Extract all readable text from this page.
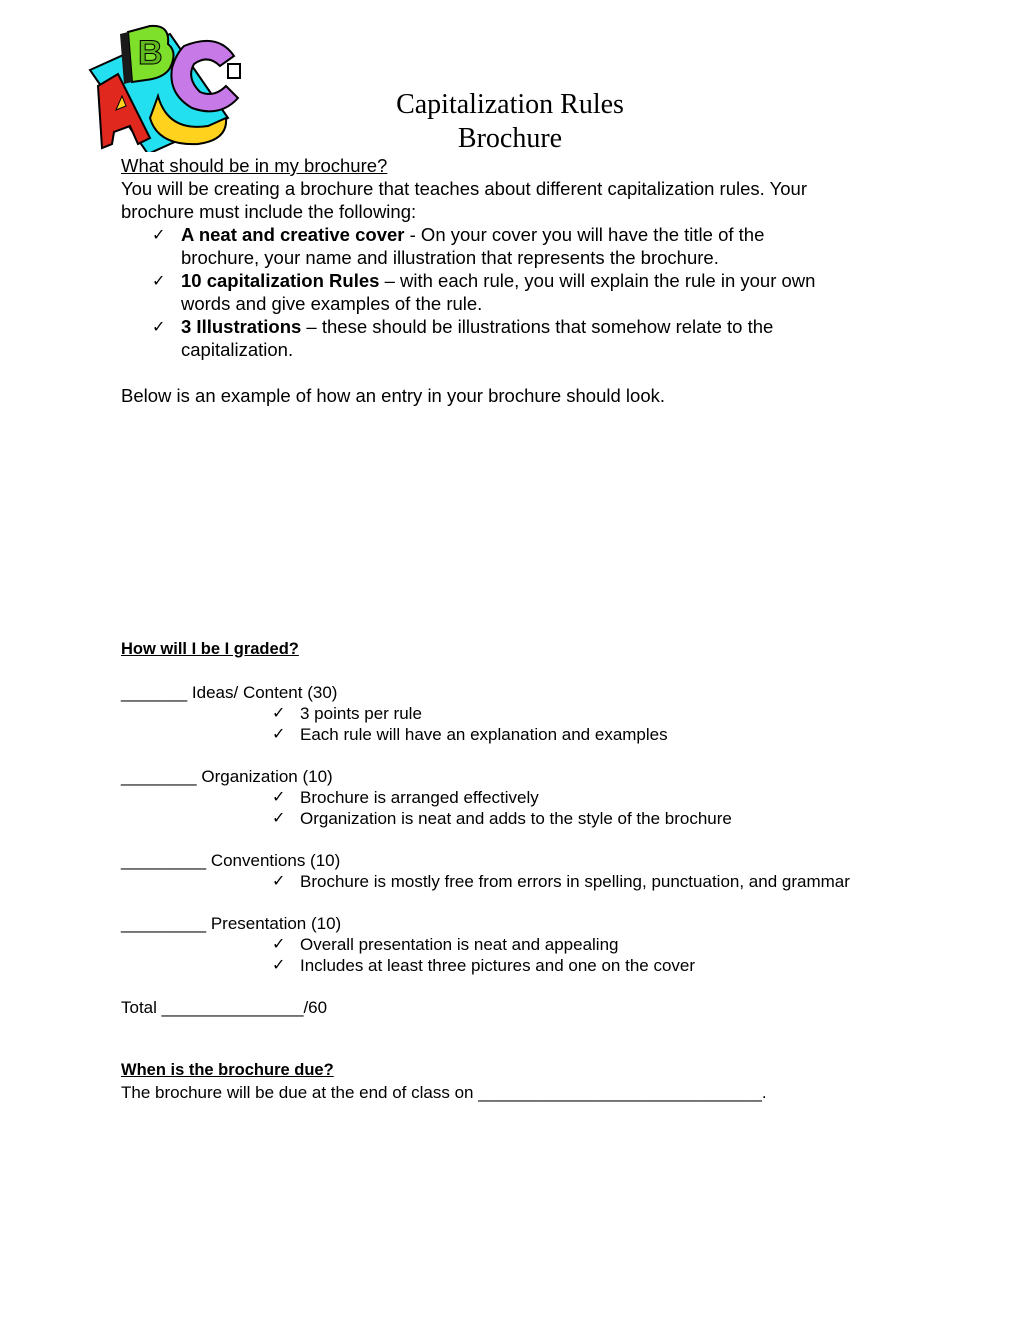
B
Capitalization Rules
Brochure
What should be in my brochure?
You will be creating a brochure that teaches about different capitalization rules. Your
brochure must include the following:
✓ A neat and creative cover - On your cover you will have the title of the
brochure, your name and illustration that represents the brochure.
✓ 10 capitalization Rules – with each rule, you will explain the rule in your own
words and give examples of the rule.
✓ 3 Illustrations – these should be illustrations that somehow relate to the
capitalization.
Below is an example of how an entry in your brochure should look.
How will I be I graded?
_______ Ideas/ Content (30)
✓ 3 points per rule
✓ Each rule will have an explanation and examples
________ Organization (10)
✓ Brochure is arranged effectively
✓ Organization is neat and adds to the style of the brochure
_________ Conventions (10)
✓ Brochure is mostly free from errors in spelling, punctuation, and grammar
_________ Presentation (10)
✓ Overall presentation is neat and appealing
✓ Includes at least three pictures and one on the cover
Total _______________/60
When is the brochure due?
The brochure will be due at the end of class on ______________________________.
